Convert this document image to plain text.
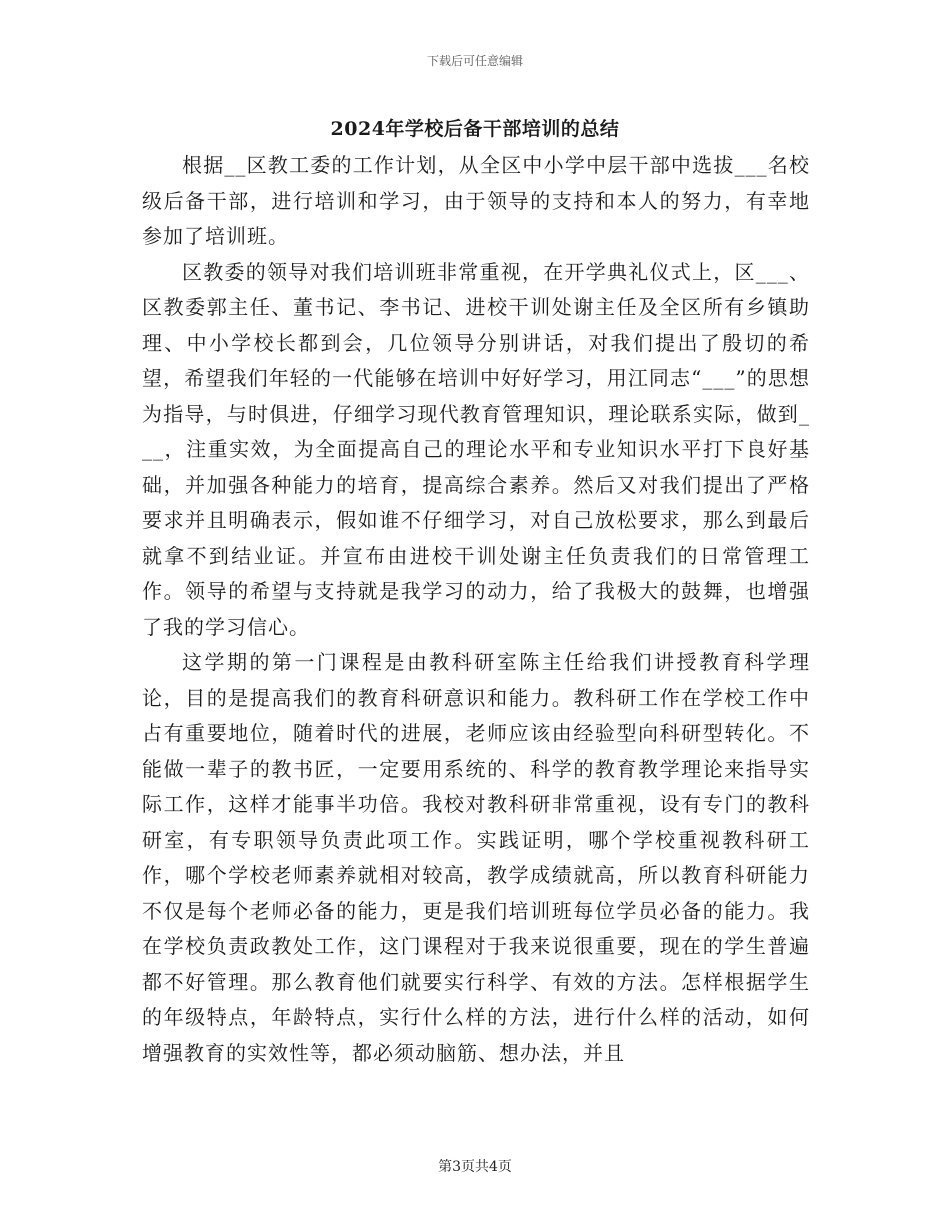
下载后可任意编辑
2024年学校后备干部培训的总结

根据__区教工委的工作计划，从全区中小学中层干部中选拔___名校级后备干部，进行培训和学习，由于领导的支持和本人的努力，有幸地参加了培训班。

区教委的领导对我们培训班非常重视，在开学典礼仪式上，区___、区教委郭主任、董书记、李书记、进校干训处谢主任及全区所有乡镇助理、中小学校长都到会，几位领导分别讲话，对我们提出了殷切的希望，希望我们年轻的一代能够在培训中好好学习，用江同志“___”的思想为指导，与时俱进，仔细学习现代教育管理知识，理论联系实际，做到___，注重实效，为全面提高自己的理论水平和专业知识水平打下良好基础，并加强各种能力的培育，提高综合素养。然后又对我们提出了严格要求并且明确表示，假如谁不仔细学习，对自己放松要求，那么到最后就拿不到结业证。并宣布由进校干训处谢主任负责我们的日常管理工作。领导的希望与支持就是我学习的动力，给了我极大的鼓舞，也增强了我的学习信心。

这学期的第一门课程是由教科研室陈主任给我们讲授教育科学理论，目的是提高我们的教育科研意识和能力。教科研工作在学校工作中占有重要地位，随着时代的进展，老师应该由经验型向科研型转化。不能做一辈子的教书匠，一定要用系统的、科学的教育教学理论来指导实际工作，这样才能事半功倍。我校对教科研非常重视，设有专门的教科研室，有专职领导负责此项工作。实践证明，哪个学校重视教科研工作，哪个学校老师素养就相对较高，教学成绩就高，所以教育科研能力不仅是每个老师必备的能力，更是我们培训班每位学员必备的能力。我在学校负责政教处工作，这门课程对于我来说很重要，现在的学生普遍都不好管理。那么教育他们就要实行科学、有效的方法。怎样根据学生的年级特点，年龄特点，实行什么样的方法，进行什么样的活动，如何增强教育的实效性等，都必须动脑筋、想办法，并且

第3页共4页
